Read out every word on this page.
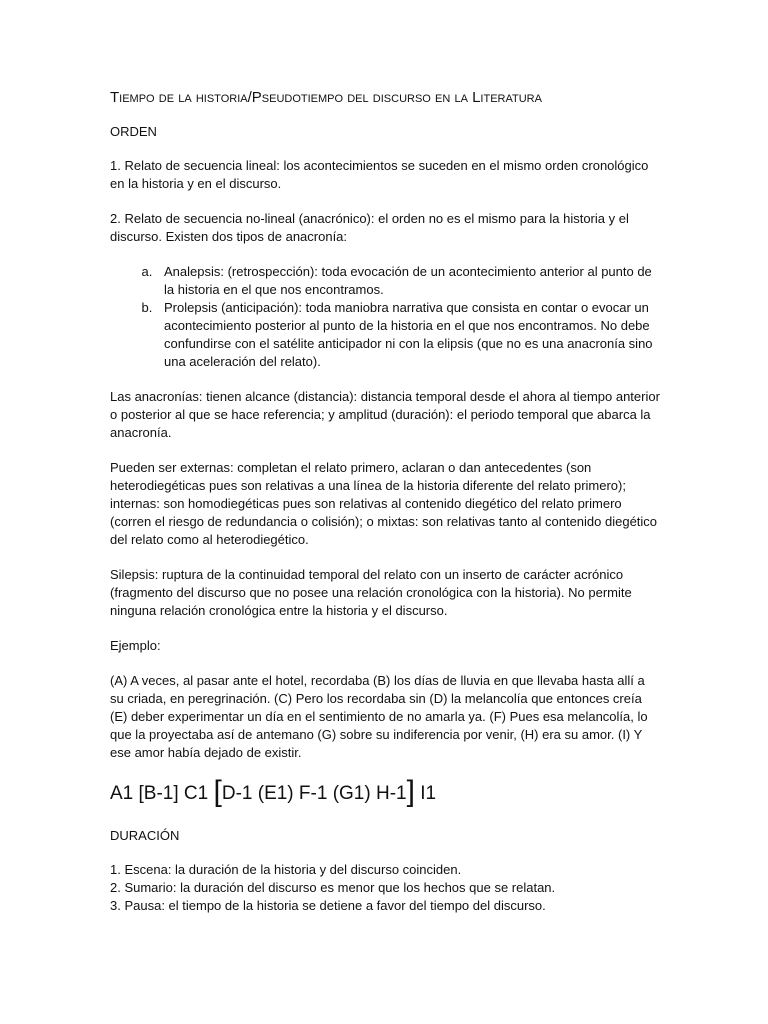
Tiempo de la historia/Pseudotiempo del discurso en la Literatura

ORDEN

1. Relato de secuencia lineal: los acontecimientos se suceden en el mismo orden cronológico en la historia y en el discurso.

2. Relato de secuencia no-lineal (anacrónico): el orden no es el mismo para la historia y el discurso. Existen dos tipos de anacronía:

a. Analepsis: (retrospección): toda evocación de un acontecimiento anterior al punto de la historia en el que nos encontramos.
b. Prolepsis (anticipación): toda maniobra narrativa que consista en contar o evocar un acontecimiento posterior al punto de la historia en el que nos encontramos. No debe confundirse con el satélite anticipador ni con la elipsis (que no es una anacronía sino una aceleración del relato).

Las anacronías: tienen alcance (distancia): distancia temporal desde el ahora al tiempo anterior o posterior al que se hace referencia; y amplitud (duración): el periodo temporal que abarca la anacronía.

Pueden ser externas: completan el relato primero, aclaran o dan antecedentes (son heterodiegéticas pues son relativas a una línea de la historia diferente del relato primero); internas: son homodiegéticas pues son relativas al contenido diegético del relato primero (corren el riesgo de redundancia o colisión); o mixtas: son relativas tanto al contenido diegético del relato como al heterodiegético.

Silepsis: ruptura de la continuidad temporal del relato con un inserto de carácter acrónico (fragmento del discurso que no posee una relación cronológica con la historia). No permite ninguna relación cronológica entre la historia y el discurso.

Ejemplo:

(A) A veces, al pasar ante el hotel, recordaba (B) los días de lluvia en que llevaba hasta allí a su criada, en peregrinación. (C) Pero los recordaba sin (D) la melancolía que entonces creía (E) deber experimentar un día en el sentimiento de no amarla ya. (F) Pues esa melancolía, lo que la proyectaba así de antemano (G) sobre su indiferencia por venir, (H) era su amor. (I) Y ese amor había dejado de existir.

A1 [B-1] C1 [D-1 (E1) F-1 (G1) H-1] I1

DURACIÓN

1. Escena: la duración de la historia y del discurso coinciden.
2. Sumario: la duración del discurso es menor que los hechos que se relatan.
3. Pausa: el tiempo de la historia se detiene a favor del tiempo del discurso.
